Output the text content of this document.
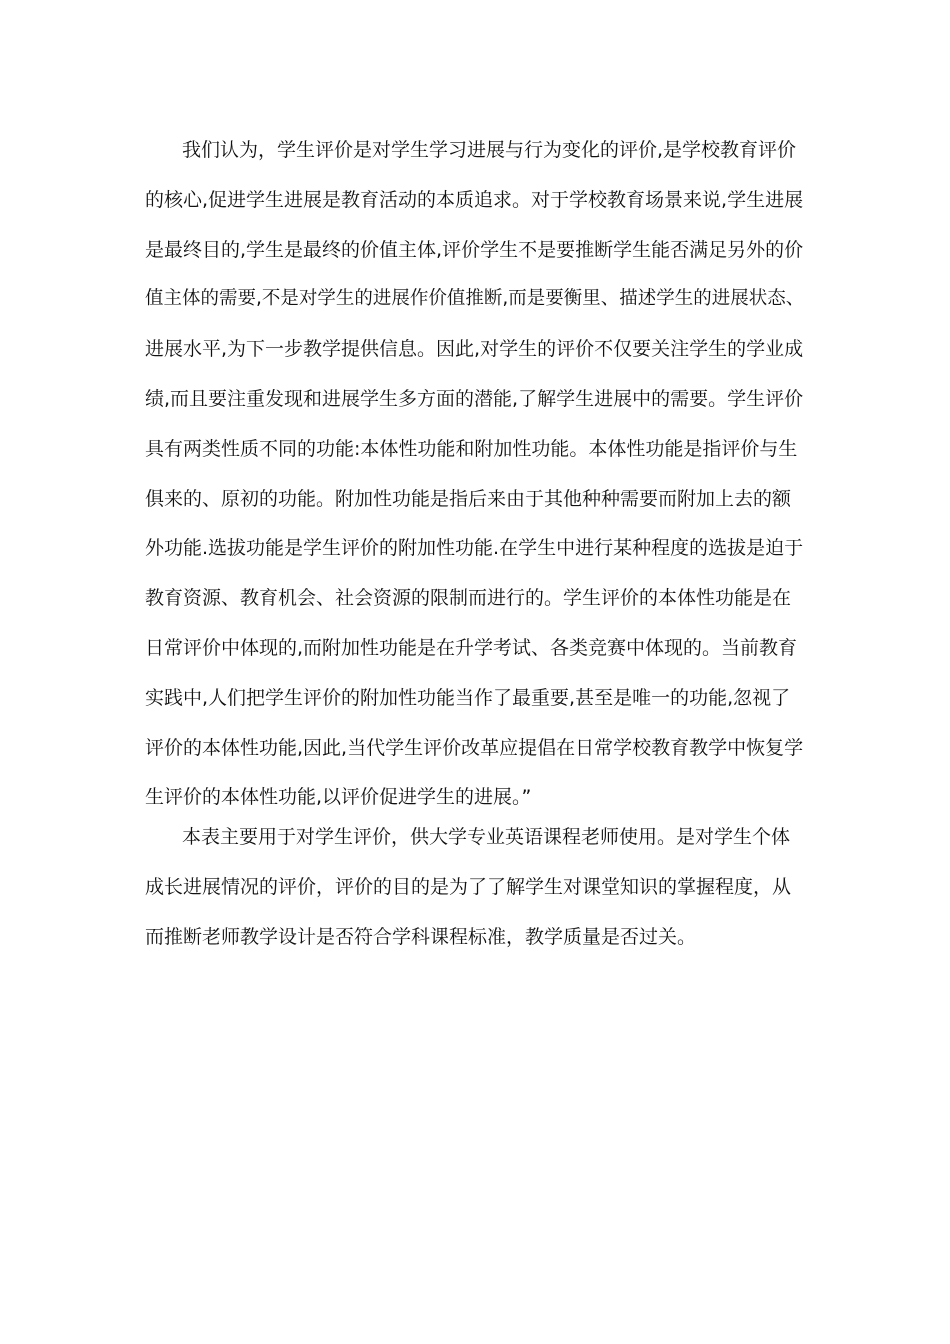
我们认为，学生评价是对学生学习进展与行为变化的评价,是学校教育评价
的核心,促进学生进展是教育活动的本质追求。对于学校教育场景来说,学生进展
是最终目的,学生是最终的价值主体,评价学生不是要推断学生能否满足另外的价
值主体的需要,不是对学生的进展作价值推断,而是要衡里、描述学生的进展状态、
进展水平,为下一步教学提供信息。因此,对学生的评价不仅要关注学生的学业成
绩,而且要注重发现和进展学生多方面的潜能,了解学生进展中的需要。学生评价
具有两类性质不同的功能:本体性功能和附加性功能。本体性功能是指评价与生
俱来的、原初的功能。附加性功能是指后来由于其他种种需要而附加上去的额
外功能.选拔功能是学生评价的附加性功能.在学生中进行某种程度的选拔是迫于
教育资源、教育机会、社会资源的限制而进行的。学生评价的本体性功能是在
日常评价中体现的,而附加性功能是在升学考试、各类竞赛中体现的。当前教育
实践中,人们把学生评价的附加性功能当作了最重要,甚至是唯一的功能,忽视了
评价的本体性功能,因此,当代学生评价改革应提倡在日常学校教育教学中恢复学
生评价的本体性功能,以评价促进学生的进展。”
本表主要用于对学生评价，供大学专业英语课程老师使用。是对学生个体
成长进展情况的评价，评价的目的是为了了解学生对课堂知识的掌握程度，从
而推断老师教学设计是否符合学科课程标准，教学质量是否过关。
